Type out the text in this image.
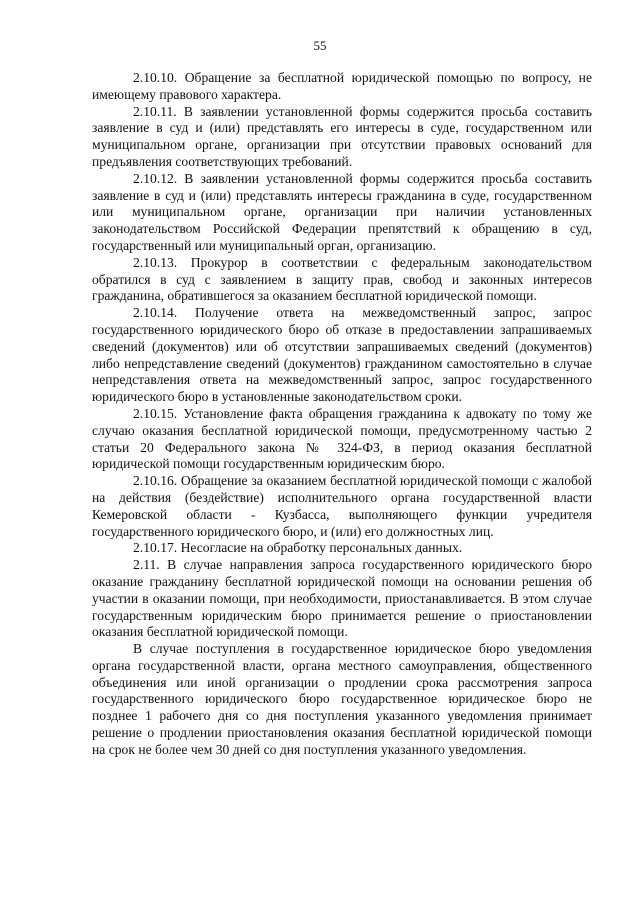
55

2.10.10. Обращение за бесплатной юридической помощью по вопросу, не имеющему правового характера.

2.10.11. В заявлении установленной формы содержится просьба составить заявление в суд и (или) представлять его интересы в суде, государственном или муниципальном органе, организации при отсутствии правовых оснований для предъявления соответствующих требований.

2.10.12. В заявлении установленной формы содержится просьба составить заявление в суд и (или) представлять интересы гражданина в суде, государственном или муниципальном органе, организации при наличии установленных законодательством Российской Федерации препятствий к обращению в суд, государственный или муниципальный орган, организацию.

2.10.13. Прокурор в соответствии с федеральным законодательством обратился в суд с заявлением в защиту прав, свобод и законных интересов гражданина, обратившегося за оказанием бесплатной юридической помощи.

2.10.14. Получение ответа на межведомственный запрос, запрос государственного юридического бюро об отказе в предоставлении запрашиваемых сведений (документов) или об отсутствии запрашиваемых сведений (документов) либо непредставление сведений (документов) гражданином самостоятельно в случае непредставления ответа на межведомственный запрос, запрос государственного юридического бюро в установленные законодательством сроки.

2.10.15. Установление факта обращения гражданина к адвокату по тому же случаю оказания бесплатной юридической помощи, предусмотренному частью 2 статьи 20 Федерального закона № 324-ФЗ, в период оказания бесплатной юридической помощи государственным юридическим бюро.

2.10.16. Обращение за оказанием бесплатной юридической помощи с жалобой на действия (бездействие) исполнительного органа государственной власти Кемеровской области - Кузбасса, выполняющего функции учредителя государственного юридического бюро, и (или) его должностных лиц.

2.10.17. Несогласие на обработку персональных данных.

2.11. В случае направления запроса государственного юридического бюро оказание гражданину бесплатной юридической помощи на основании решения об участии в оказании помощи, при необходимости, приостанавливается. В этом случае государственным юридическим бюро принимается решение о приостановлении оказания бесплатной юридической помощи.

В случае поступления в государственное юридическое бюро уведомления органа государственной власти, органа местного самоуправления, общественного объединения или иной организации о продлении срока рассмотрения запроса государственного юридического бюро государственное юридическое бюро не позднее 1 рабочего дня со дня поступления указанного уведомления принимает решение о продлении приостановления оказания бесплатной юридической помощи на срок не более чем 30 дней со дня поступления указанного уведомления.
